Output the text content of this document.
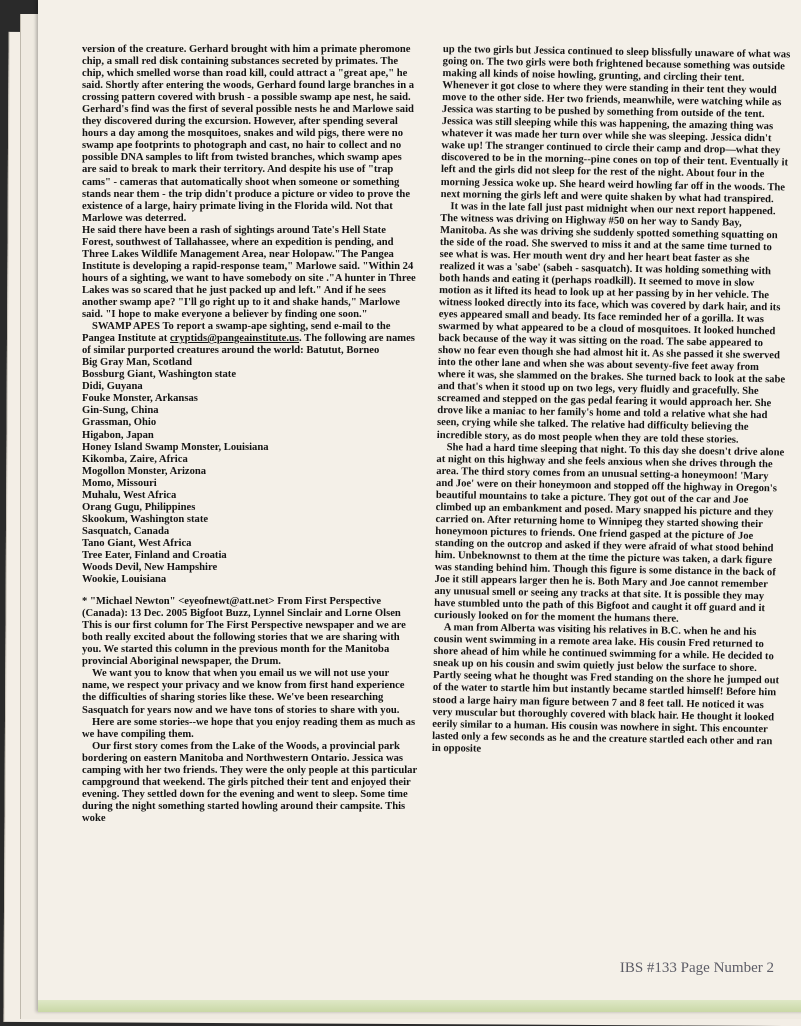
version of the creature. Gerhard brought with him a primate pheromone chip, a small red disk containing substances secreted by primates. The chip, which smelled worse than road kill, could attract a "great ape," he said. Shortly after entering the woods, Gerhard found large branches in a crossing pattern covered with brush - a possible swamp ape nest, he said. Gerhard's find was the first of several possible nests he and Marlowe said they discovered during the excursion. However, after spending several hours a day among the mosquitoes, snakes and wild pigs, there were no swamp ape footprints to photograph and cast, no hair to collect and no possible DNA samples to lift from twisted branches, which swamp apes are said to break to mark their territory. And despite his use of "trap cams" - cameras that automatically shoot when someone or something stands near them - the trip didn't produce a picture or video to prove the existence of a large, hairy primate living in the Florida wild. Not that Marlowe was deterred.

He said there have been a rash of sightings around Tate's Hell State Forest, southwest of Tallahassee, where an expedition is pending, and Three Lakes Wildlife Management Area, near Holopaw."The Pangea Institute is developing a rapid-response team," Marlowe said. "Within 24 hours of a sighting, we want to have somebody on site ."A hunter in Three Lakes was so scared that he just packed up and left." And if he sees another swamp ape? "I'll go right up to it and shake hands," Marlowe said. "I hope to make everyone a believer by finding one soon."

SWAMP APES To report a swamp-ape sighting, send e-mail to the Pangea Institute at cryptids@pangeainstitute.us. The following are names of similar purported creatures around the world: Batutut, Borneo

Big Gray Man, Scotland
Bossburg Giant, Washington state
Didi, Guyana
Fouke Monster, Arkansas
Gin-Sung, China
Grassman, Ohio
Higabon, Japan
Honey Island Swamp Monster, Louisiana
Kikomba, Zaire, Africa
Mogollon Monster, Arizona
Momo, Missouri
Muhalu, West Africa
Orang Gugu, Philippines
Skookum, Washington state
Sasquatch, Canada
Tano Giant, West Africa
Tree Eater, Finland and Croatia
Woods Devil, New Hampshire
Wookie, Louisiana

* "Michael Newton" <eyeofnewt@att.net> From First Perspective (Canada): 13 Dec. 2005 Bigfoot Buzz, Lynnel Sinclair and Lorne Olsen This is our first column for The First Perspective newspaper and we are both really excited about the following stories that we are sharing with you. We started this column in the previous month for the Manitoba provincial Aboriginal newspaper, the Drum.

We want you to know that when you email us we will not use your name, we respect your privacy and we know from first hand experience the difficulties of sharing stories like these. We've been researching Sasquatch for years now and we have tons of stories to share with you.

Here are some stories--we hope that you enjoy reading them as much as we have compiling them.

Our first story comes from the Lake of the Woods, a provincial park bordering on eastern Manitoba and Northwestern Ontario. Jessica was camping with her two friends. They were the only people at this particular campground that weekend. The girls pitched their tent and enjoyed their evening. They settled down for the evening and went to sleep. Some time during the night something started howling around their campsite. This woke

up the two girls but Jessica continued to sleep blissfully unaware of what was going on. The two girls were both frightened because something was outside making all kinds of noise howling, grunting, and circling their tent. Whenever it got close to where they were standing in their tent they would move to the other side. Her two friends, meanwhile, were watching while as Jessica was starting to be pushed by something from outside of the tent. Jessica was still sleeping while this was happening, the amazing thing was whatever it was made her turn over while she was sleeping. Jessica didn't wake up! The stranger continued to circle their camp and drop—what they discovered to be in the morning--pine cones on top of their tent. Eventually it left and the girls did not sleep for the rest of the night. About four in the morning Jessica woke up. She heard weird howling far off in the woods. The next morning the girls left and were quite shaken by what had transpired.

It was in the late fall just past midnight when our next report happened. The witness was driving on Highway #50 on her way to Sandy Bay, Manitoba. As she was driving she suddenly spotted something squatting on the side of the road. She swerved to miss it and at the same time turned to see what is was. Her mouth went dry and her heart beat faster as she realized it was a 'sabe' (sabeh - sasquatch). It was holding something with both hands and eating it (perhaps roadkill). It seemed to move in slow motion as it lifted its head to look up at her passing by in her vehicle. The witness looked directly into its face, which was covered by dark hair, and its eyes appeared small and beady. Its face reminded her of a gorilla. It was swarmed by what appeared to be a cloud of mosquitoes. It looked hunched back because of the way it was sitting on the road. The sabe appeared to show no fear even though she had almost hit it. As she passed it she swerved into the other lane and when she was about seventy-five feet away from where it was, she slammed on the brakes. She turned back to look at the sabe and that's when it stood up on two legs, very fluidly and gracefully. She screamed and stepped on the gas pedal fearing it would approach her. She drove like a maniac to her family's home and told a relative what she had seen, crying while she talked. The relative had difficulty believing the incredible story, as do most people when they are told these stories.

She had a hard time sleeping that night. To this day she doesn't drive alone at night on this highway and she feels anxious when she drives through the area. The third story comes from an unusual setting-a honeymoon! 'Mary and Joe' were on their honeymoon and stopped off the highway in Oregon's beautiful mountains to take a picture. They got out of the car and Joe climbed up an embankment and posed. Mary snapped his picture and they carried on. After returning home to Winnipeg they started showing their honeymoon pictures to friends. One friend gasped at the picture of Joe standing on the outcrop and asked if they were afraid of what stood behind him. Unbeknownst to them at the time the picture was taken, a dark figure was standing behind him. Though this figure is some distance in the back of Joe it still appears larger then he is. Both Mary and Joe cannot remember any unusual smell or seeing any tracks at that site. It is possible they may have stumbled unto the path of this Bigfoot and caught it off guard and it curiously looked on for the moment the humans there.

A man from Alberta was visiting his relatives in B.C. when he and his cousin went swimming in a remote area lake. His cousin Fred returned to shore ahead of him while he continued swimming for a while. He decided to sneak up on his cousin and swim quietly just below the surface to shore. Partly seeing what he thought was Fred standing on the shore he jumped out of the water to startle him but instantly became startled himself! Before him stood a large hairy man figure between 7 and 8 feet tall. He noticed it was very muscular but thoroughly covered with black hair. He thought it looked eerily similar to a human. His cousin was nowhere in sight. This encounter lasted only a few seconds as he and the creature startled each other and ran in opposite

IBS #133 Page Number 2
